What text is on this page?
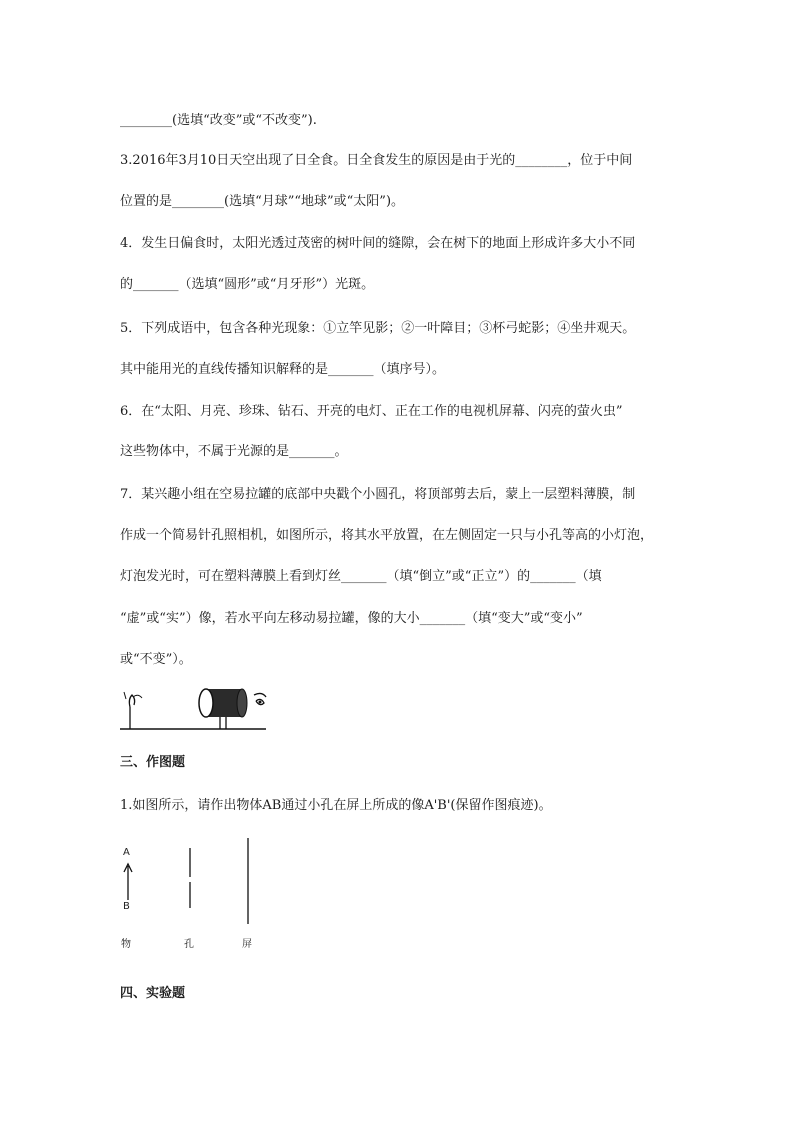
________(选填“改变”或“不改变”).
3.2016年3月10日天空出现了日全食。日全食发生的原因是由于光的________，位于中间
位置的是________(选填“月球”“地球”或“太阳”)。
4．发生日偏食时，太阳光透过茂密的树叶间的缝隙，会在树下的地面上形成许多大小不同
的_______（选填“圆形”或“月牙形”）光斑。
5．下列成语中，包含各种光现象：①立竿见影；②一叶障目；③杯弓蛇影；④坐井观天。
其中能用光的直线传播知识解释的是_______（填序号）。
6．在“太阳、月亮、珍珠、钻石、开亮的电灯、正在工作的电视机屏幕、闪亮的萤火虫”
这些物体中，不属于光源的是_______。
7．某兴趣小组在空易拉罐的底部中央戳个小圆孔，将顶部剪去后，蒙上一层塑料薄膜，制
作成一个简易针孔照相机，如图所示，将其水平放置，在左侧固定一只与小孔等高的小灯泡，
灯泡发光时，可在塑料薄膜上看到灯丝_______（填“倒立”或“正立”）的_______（填
“虚”或“实”）像，若水平向左移动易拉罐，像的大小_______（填“变大”或“变小”
或“不变”）。
三、作图题
1.如图所示，请作出物体AB通过小孔在屏上所成的像A'B'(保留作图痕迹)。
A
B
物	孔	屏
四、实验题
